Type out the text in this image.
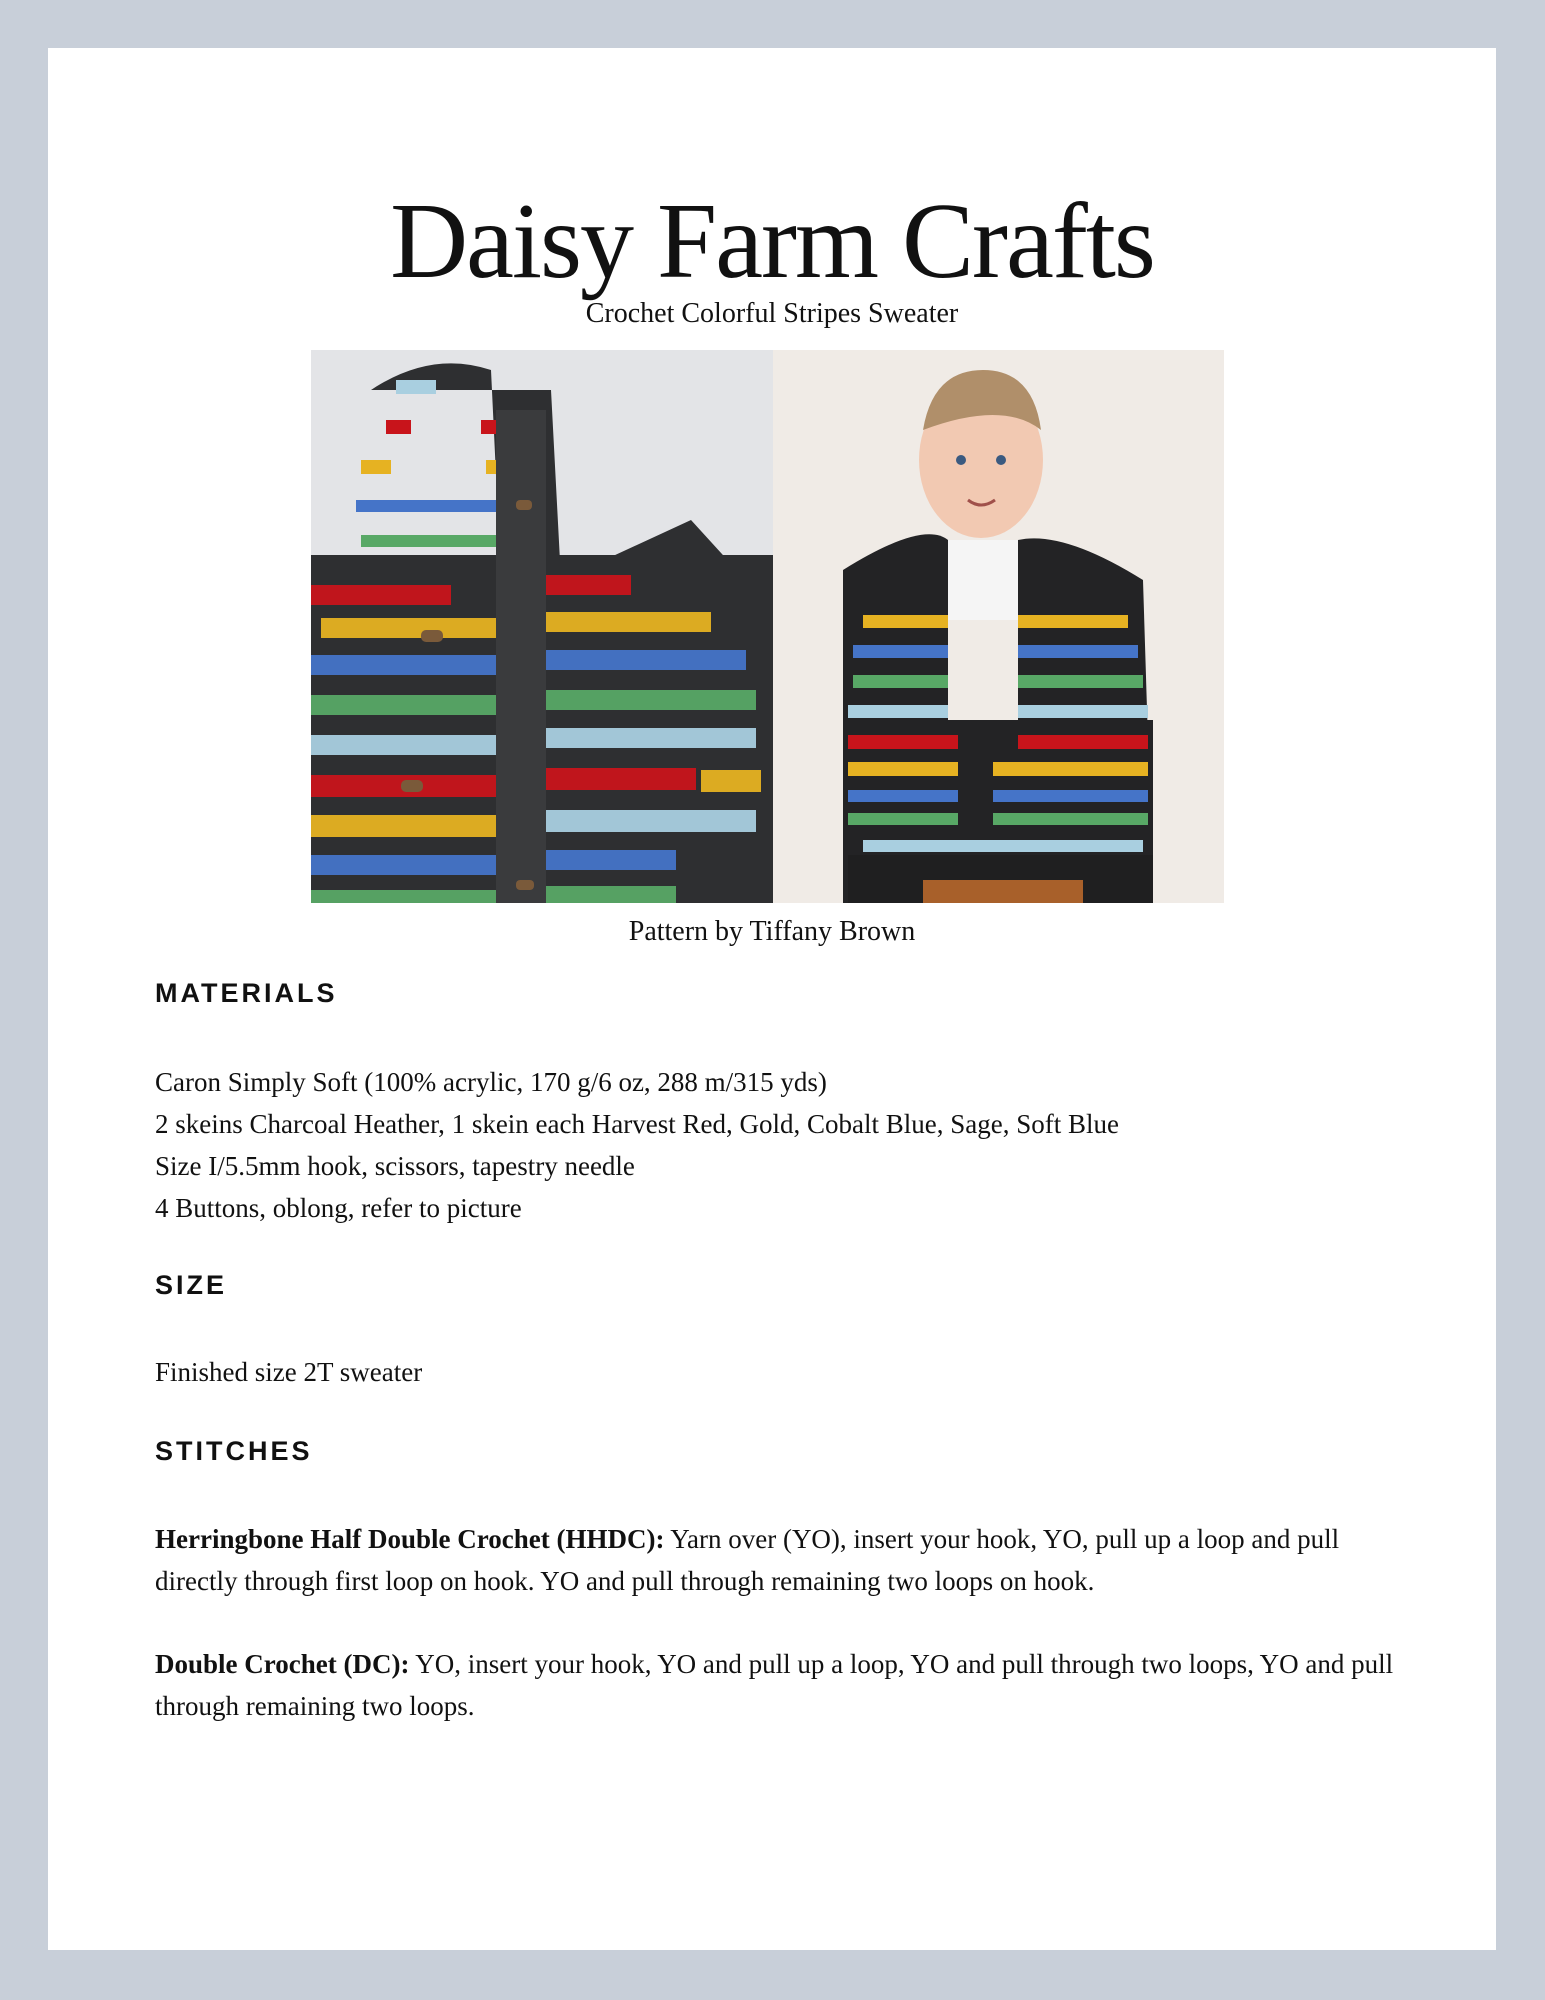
Daisy Farm Crafts
Crochet Colorful Stripes Sweater
Pattern by Tiffany Brown
MATERIALS
Caron Simply Soft (100% acrylic, 170 g/6 oz, 288 m/315 yds)
2 skeins Charcoal Heather, 1 skein each Harvest Red, Gold, Cobalt Blue, Sage, Soft Blue
Size I/5.5mm hook, scissors, tapestry needle
4 Buttons, oblong, refer to picture
SIZE
Finished size 2T sweater
STITCHES
Herringbone Half Double Crochet (HHDC): Yarn over (YO), insert your hook, YO, pull up a loop and pull directly through first loop on hook. YO and pull through remaining two loops on hook.
Double Crochet (DC): YO, insert your hook, YO and pull up a loop, YO and pull through two loops, YO and pull through remaining two loops.
